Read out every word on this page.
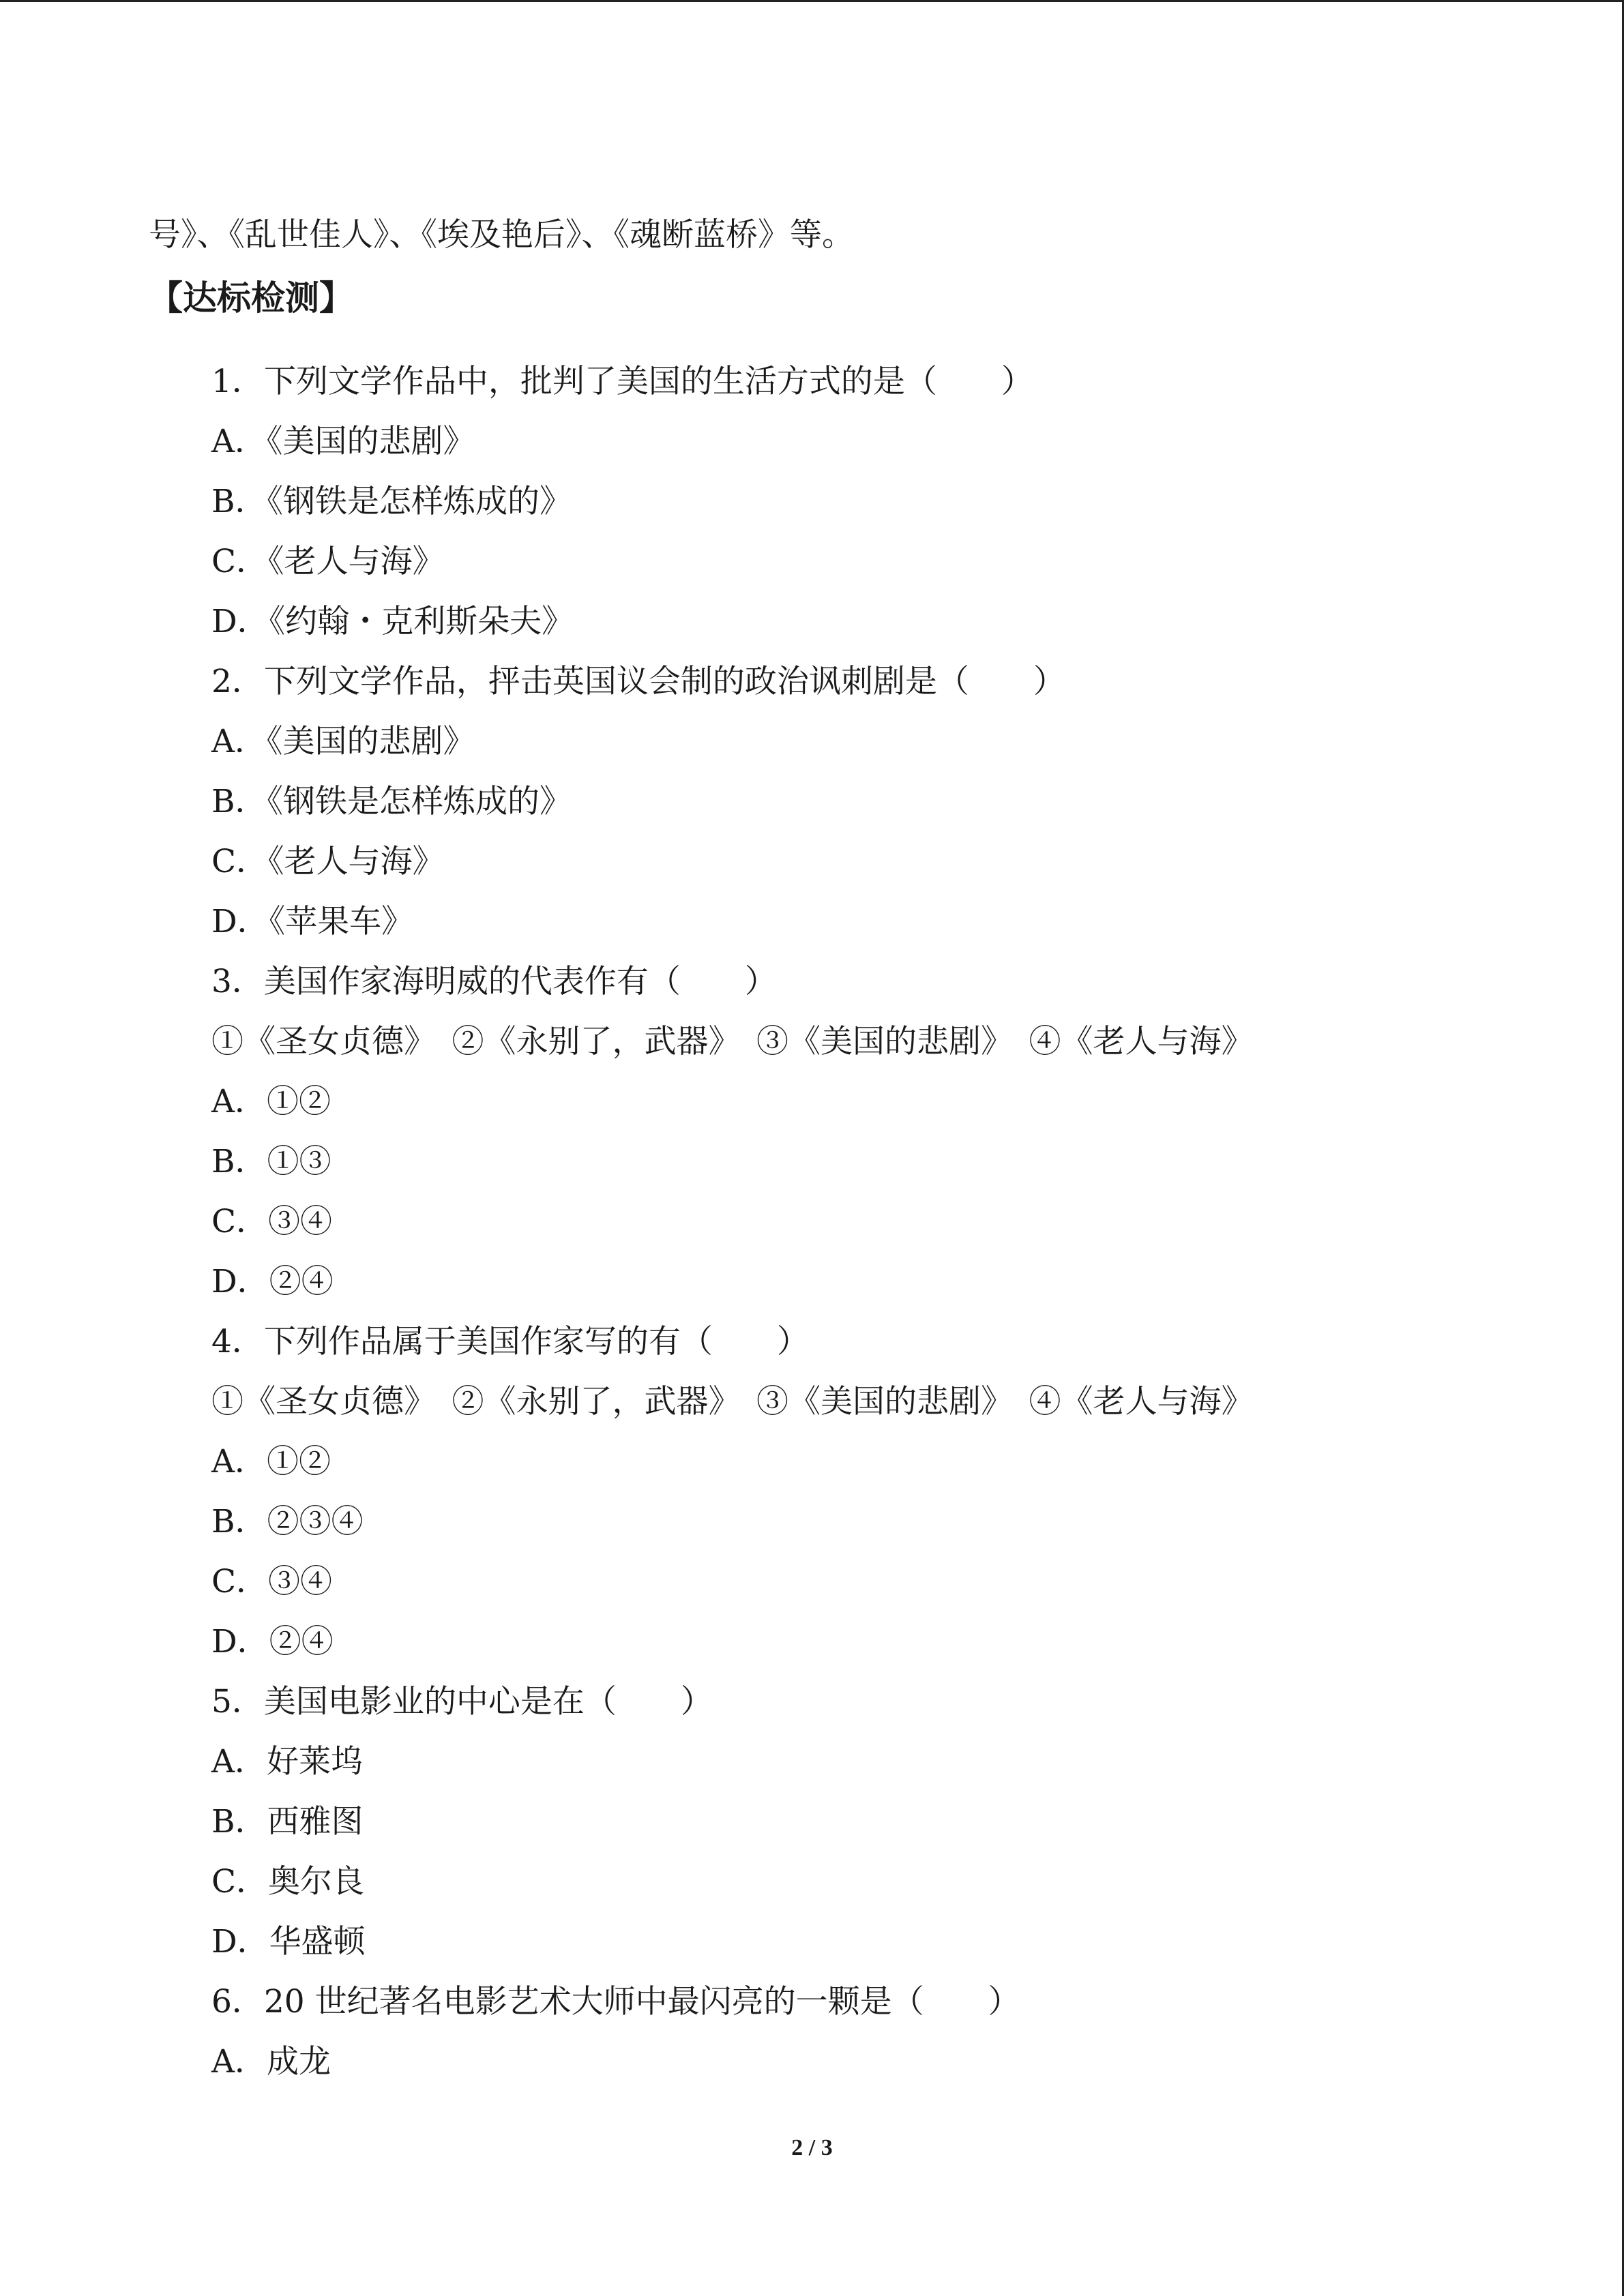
号》、《乱世佳人》、《埃及艳后》、《魂断蓝桥》等。
【达标检测】
1．下列文学作品中，批判了美国的生活方式的是（　　）
A．《美国的悲剧》
B．《钢铁是怎样炼成的》
C．《老人与海》
D．《约翰・克利斯朵夫》
2．下列文学作品，抨击英国议会制的政治讽刺剧是（　　）
A．《美国的悲剧》
B．《钢铁是怎样炼成的》
C．《老人与海》
D．《苹果车》
3．美国作家海明威的代表作有（　　）
①《圣女贞德》　②《永别了，武器》　③《美国的悲剧》　④《老人与海》
A．①②
B．①③
C．③④
D．②④
4．下列作品属于美国作家写的有（　　）
①《圣女贞德》　②《永别了，武器》　③《美国的悲剧》　④《老人与海》
A．①②
B．②③④
C．③④
D．②④
5．美国电影业的中心是在（　　）
A．好莱坞
B．西雅图
C．奥尔良
D．华盛顿
6．20 世纪著名电影艺术大师中最闪亮的一颗是（　　）
A．成龙
2 / 3
